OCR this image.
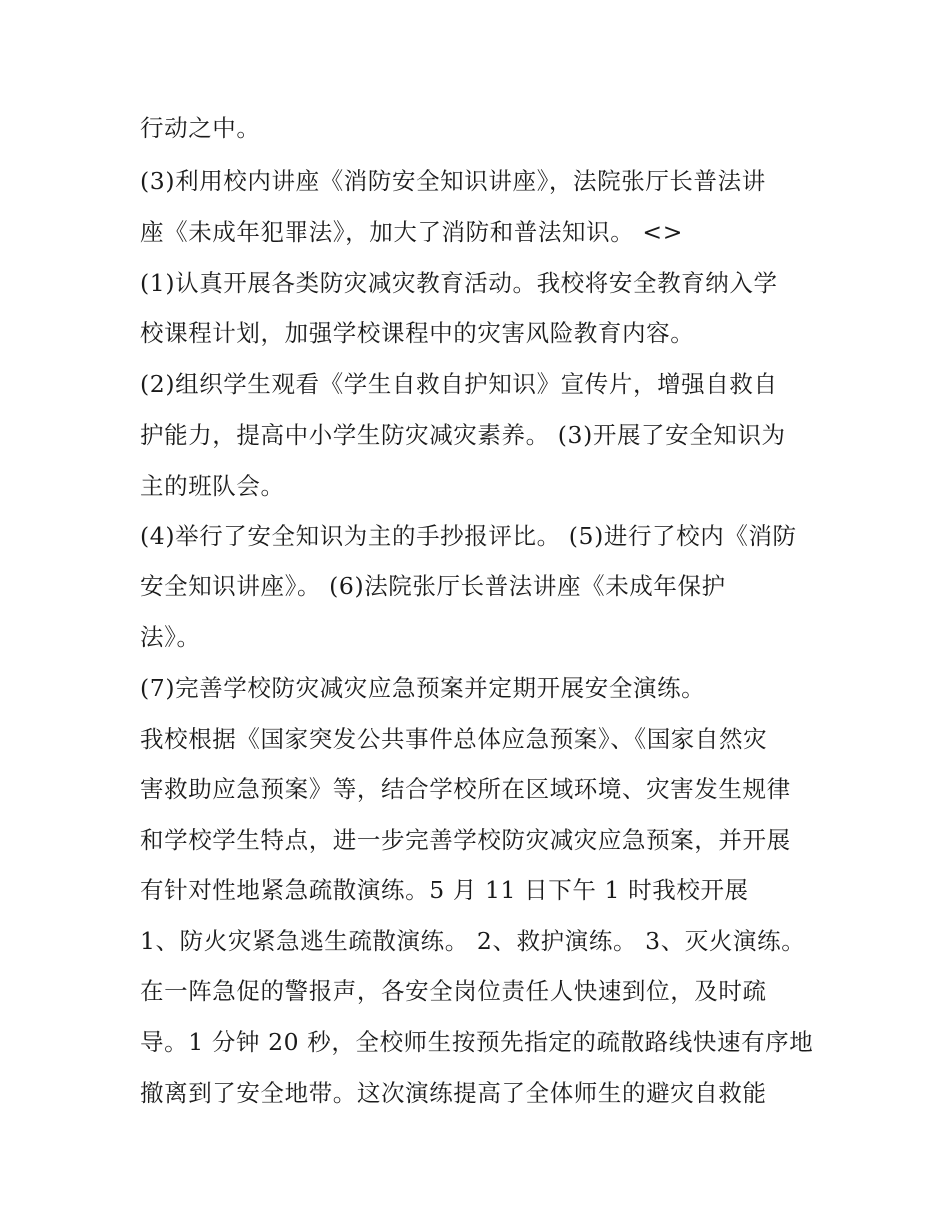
行动之中。

(3)利用校内讲座《消防安全知识讲座》，法院张厅长普法讲

座《未成年犯罪法》，加大了消防和普法知识。 <>

(1)认真开展各类防灾减灾教育活动。我校将安全教育纳入学

校课程计划，加强学校课程中的灾害风险教育内容。

(2)组织学生观看《学生自救自护知识》宣传片，增强自救自

护能力，提高中小学生防灾减灾素养。 (3)开展了安全知识为

主的班队会。

(4)举行了安全知识为主的手抄报评比。 (5)进行了校内《消防

安全知识讲座》。 (6)法院张厅长普法讲座《未成年保护

法》。

(7)完善学校防灾减灾应急预案并定期开展安全演练。

我校根据《国家突发公共事件总体应急预案》、《国家自然灾

害救助应急预案》等，结合学校所在区域环境、灾害发生规律

和学校学生特点，进一步完善学校防灾减灾应急预案，并开展

有针对性地紧急疏散演练。5 月 11 日下午 1 时我校开展

1、防火灾紧急逃生疏散演练。 2、救护演练。 3、灭火演练。

在一阵急促的警报声，各安全岗位责任人快速到位，及时疏

导。1 分钟 20 秒，全校师生按预先指定的疏散路线快速有序地

撤离到了安全地带。这次演练提高了全体师生的避灾自救能
